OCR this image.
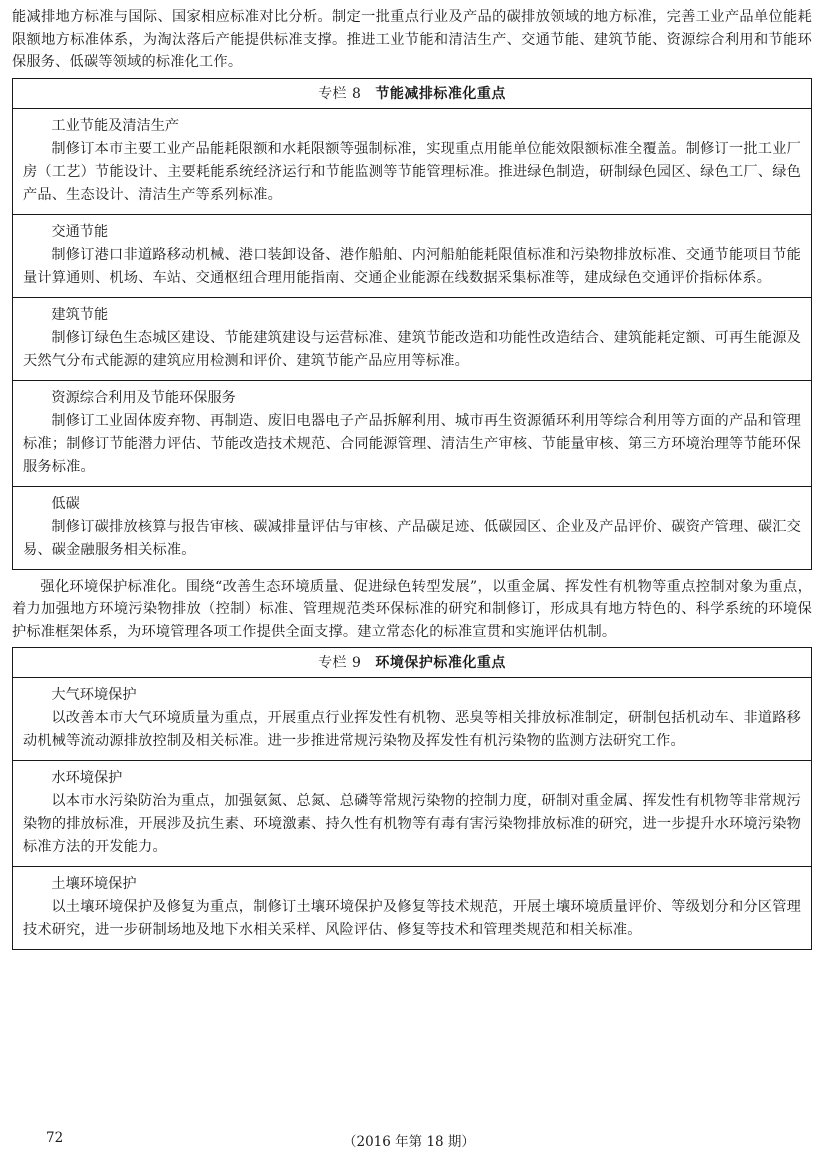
能减排地方标准与国际、国家相应标准对比分析。制定一批重点行业及产品的碳排放领域的地方标准，完善工业产品单位能耗限额地方标准体系，为淘汰落后产能提供标准支撑。推进工业节能和清洁生产、交通节能、建筑节能、资源综合利用和节能环保服务、低碳等领域的标准化工作。

专栏 8 节能减排标准化重点

工业节能及清洁生产

制修订本市主要工业产品能耗限额和水耗限额等强制标准，实现重点用能单位能效限额标准全覆盖。制修订一批工业厂房（工艺）节能设计、主要耗能系统经济运行和节能监测等节能管理标准。推进绿色制造，研制绿色园区、绿色工厂、绿色产品、生态设计、清洁生产等系列标准。

交通节能

制修订港口非道路移动机械、港口装卸设备、港作船舶、内河船舶能耗限值标准和污染物排放标准、交通节能项目节能量计算通则、机场、车站、交通枢纽合理用能指南、交通企业能源在线数据采集标准等，建成绿色交通评价指标体系。

建筑节能

制修订绿色生态城区建设、节能建筑建设与运营标准、建筑节能改造和功能性改造结合、建筑能耗定额、可再生能源及天然气分布式能源的建筑应用检测和评价、建筑节能产品应用等标准。

资源综合利用及节能环保服务

制修订工业固体废弃物、再制造、废旧电器电子产品拆解利用、城市再生资源循环利用等综合利用等方面的产品和管理标准；制修订节能潜力评估、节能改造技术规范、合同能源管理、清洁生产审核、节能量审核、第三方环境治理等节能环保服务标准。

低碳

制修订碳排放核算与报告审核、碳减排量评估与审核、产品碳足迹、低碳园区、企业及产品评价、碳资产管理、碳汇交易、碳金融服务相关标准。

强化环境保护标准化。围绕“改善生态环境质量、促进绿色转型发展”，以重金属、挥发性有机物等重点控制对象为重点，着力加强地方环境污染物排放（控制）标准、管理规范类环保标准的研究和制修订，形成具有地方特色的、科学系统的环境保护标准框架体系，为环境管理各项工作提供全面支撑。建立常态化的标准宣贯和实施评估机制。

专栏 9 环境保护标准化重点

大气环境保护

以改善本市大气环境质量为重点，开展重点行业挥发性有机物、恶臭等相关排放标准制定，研制包括机动车、非道路移动机械等流动源排放控制及相关标准。进一步推进常规污染物及挥发性有机污染物的监测方法研究工作。

水环境保护

以本市水污染防治为重点，加强氨氮、总氮、总磷等常规污染物的控制力度，研制对重金属、挥发性有机物等非常规污染物的排放标准，开展涉及抗生素、环境激素、持久性有机物等有毒有害污染物排放标准的研究，进一步提升水环境污染物标准方法的开发能力。

土壤环境保护

以土壤环境保护及修复为重点，制修订土壤环境保护及修复等技术规范，开展土壤环境质量评价、等级划分和分区管理技术研究，进一步研制场地及地下水相关采样、风险评估、修复等技术和管理类规范和相关标准。

72	（2016 年第 18 期）
